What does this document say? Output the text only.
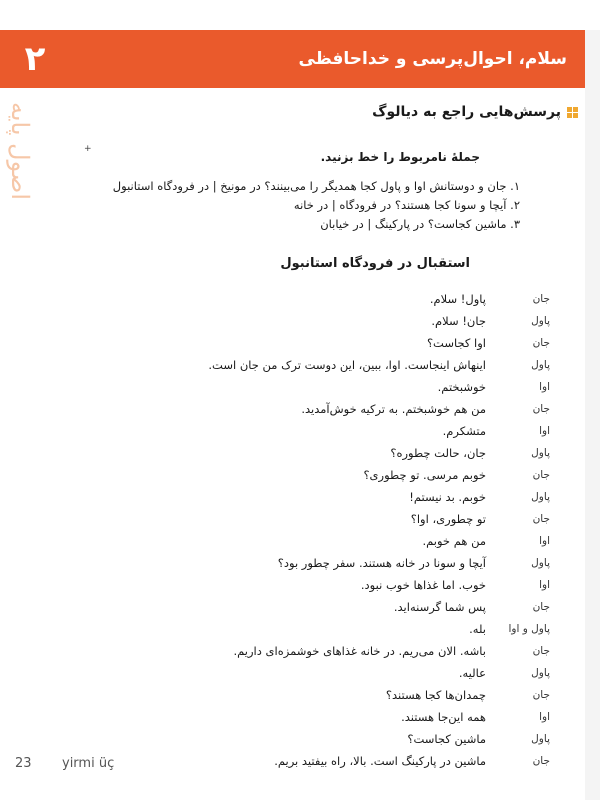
۲	سلام، احوال‌پرسی و خداحافظی
اصول پایه	پرسش‌هایی راجع به دیالوگ
+
جملهٔ نامربوط را خط بزنید.
۱. جان و دوستانش اوا و پاول کجا همدیگر را می‌بینند؟ در مونیخ | در فرودگاه استانبول
۲. آیچا و سونا کجا هستند؟ در فرودگاه | در خانه
۳. ماشین کجاست؟ در پارکینگ | در خیابان
استقبال در فرودگاه استانبول
جان
پاول! سلام.
پاول
جان! سلام.
جان
اوا کجاست؟
پاول
اینهاش اینجاست. اوا، ببین، این دوست ترک من جان است.
اوا
خوشبختم.
جان
من هم خوشبختم. به ترکیه خوش‌آمدید.
اوا
متشکرم.
پاول
جان، حالت چطوره؟
جان
خوبم مرسی. تو چطوری؟
پاول
خوبم. بد نیستم!
جان
تو چطوری، اوا؟
اوا
من هم خوبم.
پاول
آیچا و سونا در خانه هستند. سفر چطور بود؟
اوا
خوب. اما غذاها خوب نبود.
جان
پس شما گرسنه‌اید.
پاول و اوا
بله.
جان
باشه. الان می‌ریم. در خانه غذاهای خوشمزه‌ای داریم.
پاول
عالیه.
جان
چمدان‌ها کجا هستند؟
اوا
همه این‌جا هستند.
پاول
ماشین کجاست؟
جان
ماشین در پارکینگ است. بالا، راه بیفتید بریم.
23 yirmi üç
